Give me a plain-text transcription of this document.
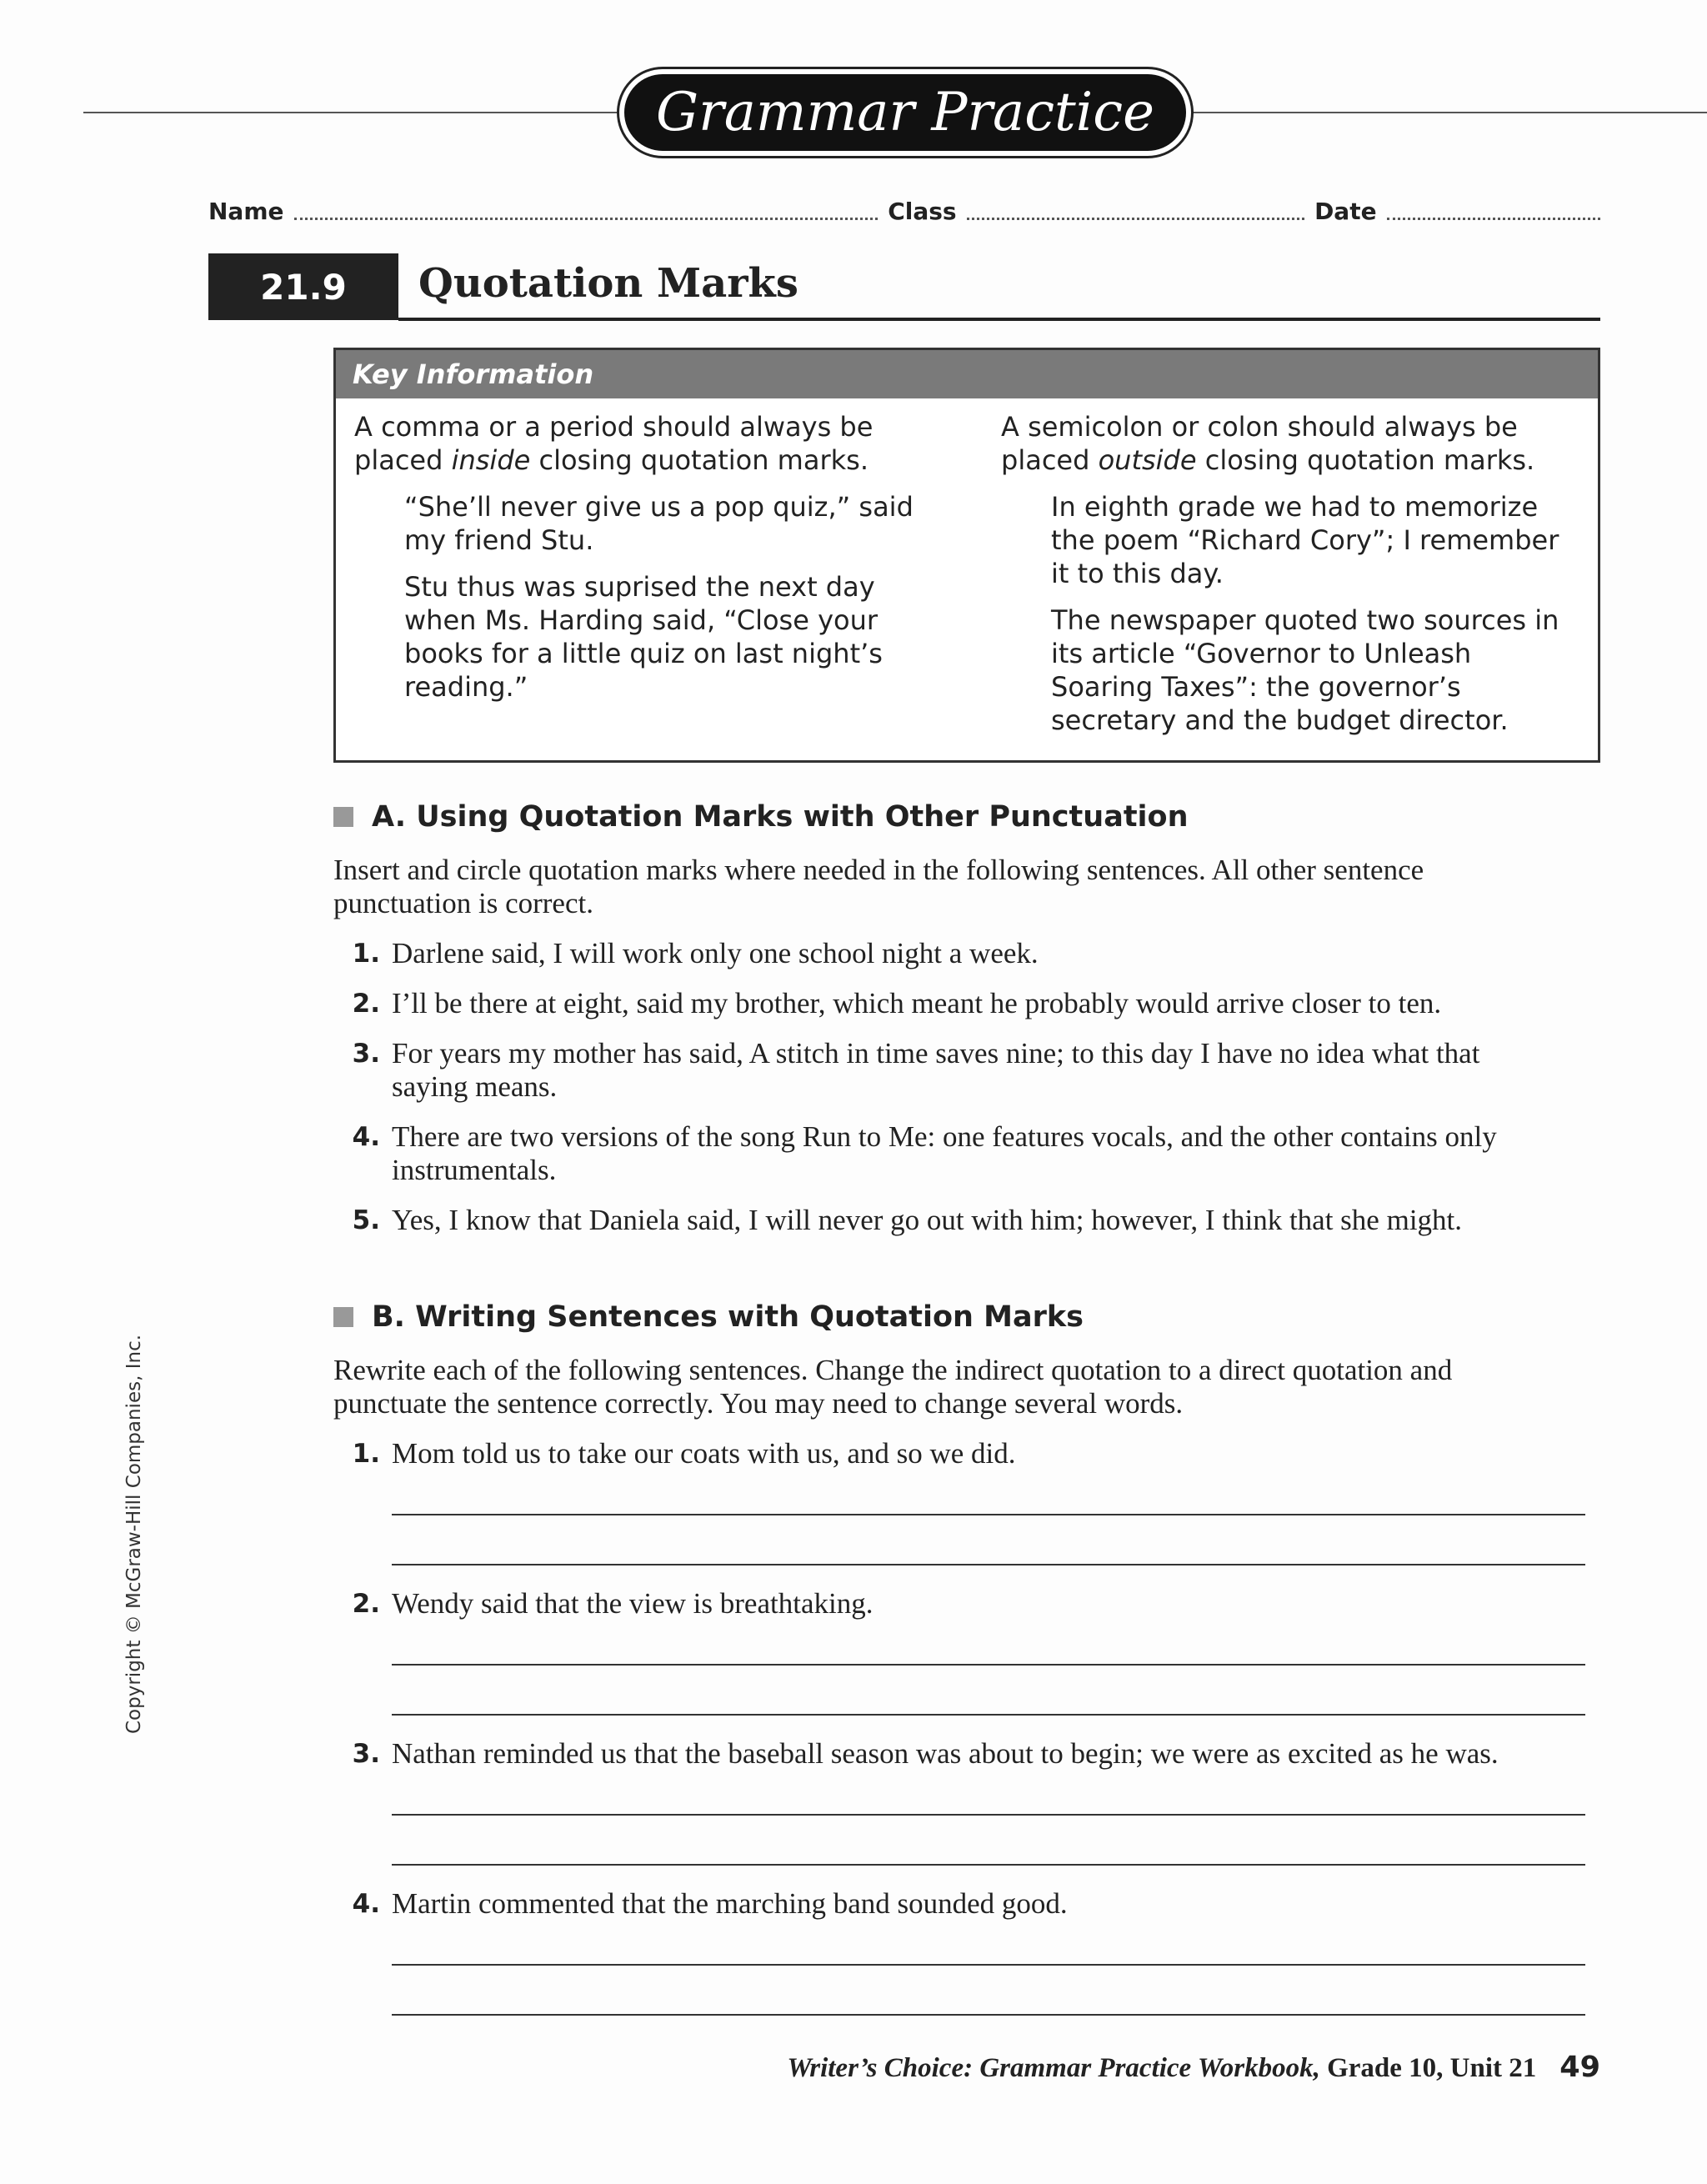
Grammar Practice
Name	Class	Date
21.9	Quotation Marks
Key Information

A comma or a period should always be placed inside closing quotation marks.

“She’ll never give us a pop quiz,” said my friend Stu.

Stu thus was suprised the next day when Ms. Harding said, “Close your books for a little quiz on last night’s reading.”

A semicolon or colon should always be placed outside closing quotation marks.

In eighth grade we had to memorize the poem “Richard Cory”; I remember it to this day.

The newspaper quoted two sources in its article “Governor to Unleash Soaring Taxes”: the governor’s secretary and the budget director.

A. Using Quotation Marks with Other Punctuation
Insert and circle quotation marks where needed in the following sentences. All other sentence punctuation is correct.
1. Darlene said, I will work only one school night a week.
2. I’ll be there at eight, said my brother, which meant he probably would arrive closer to ten.
3. For years my mother has said, A stitch in time saves nine; to this day I have no idea what that saying means.
4. There are two versions of the song Run to Me: one features vocals, and the other contains only instrumentals.
5. Yes, I know that Daniela said, I will never go out with him; however, I think that she might.
B. Writing Sentences with Quotation Marks
Rewrite each of the following sentences. Change the indirect quotation to a direct quotation and punctuate the sentence correctly. You may need to change several words.
1. Mom told us to take our coats with us, and so we did.
2. Wendy said that the view is breathtaking.
3. Nathan reminded us that the baseball season was about to begin; we were as excited as he was.
4. Martin commented that the marching band sounded good.
Writer’s Choice: Grammar Practice Workbook, Grade 10, Unit 21 49
Copyright © McGraw-Hill Companies, Inc.
